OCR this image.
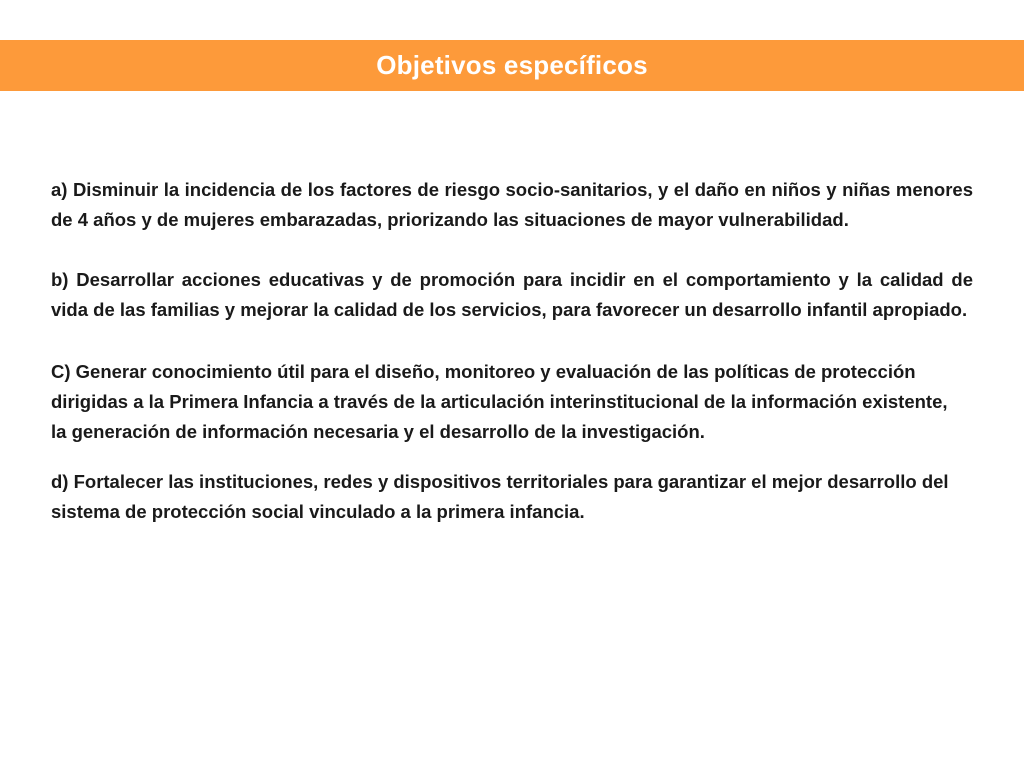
Objetivos específicos

a) Disminuir la incidencia de los factores de riesgo socio-sanitarios, y el daño en niños y niñas menores de 4 años y de mujeres embarazadas, priorizando las situaciones de mayor vulnerabilidad.

b) Desarrollar acciones educativas y de promoción para incidir en el comportamiento y la calidad de vida de las familias y mejorar la calidad de los servicios, para favorecer un desarrollo infantil apropiado.

C) Generar conocimiento útil para el diseño, monitoreo y evaluación de las políticas de protección dirigidas a la Primera Infancia a través de la articulación interinstitucional de la información existente, la generación de información necesaria y el desarrollo de la investigación.

d) Fortalecer las instituciones, redes y dispositivos territoriales para garantizar el mejor desarrollo del sistema de protección social vinculado a la primera infancia.
